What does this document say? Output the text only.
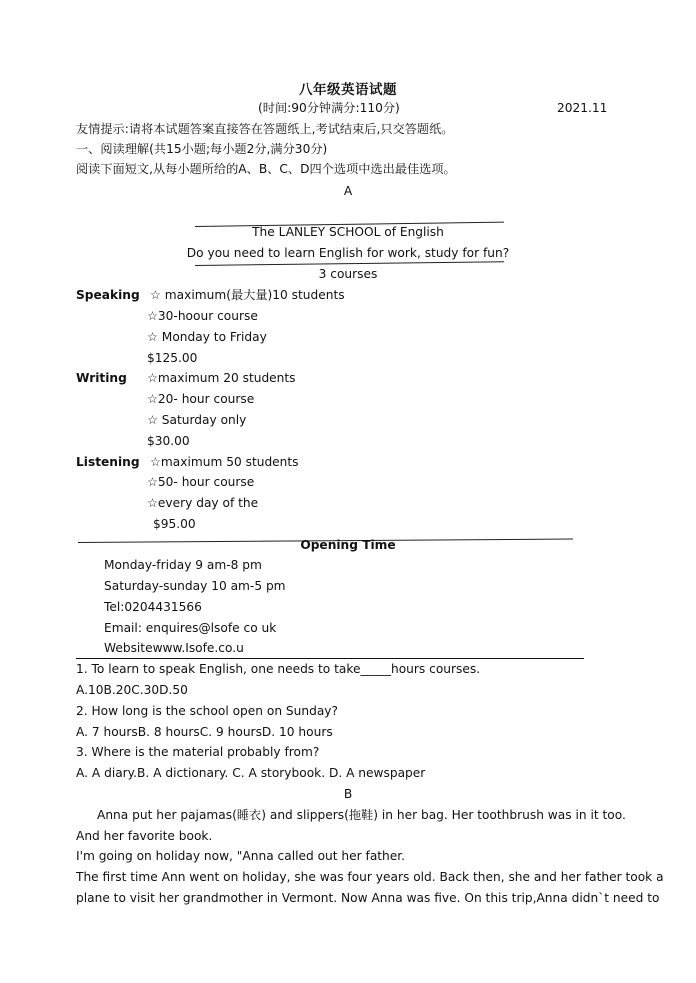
八年级英语试题
(时间:90分钟满分:110分)	2021.11
友情提示:请将本试题答案直接答在答题纸上,考试结束后,只交答题纸。
一、阅读理解(共15小题;每小题2分,满分30分)
阅读下面短文,从每小题所给的A、B、C、D四个选项中选出最佳选项。
A
The LANLEY SCHOOL of English
Do you need to learn English for work, study for fun?
3 courses
Speaking ☆ maximum(最大量)10 students
☆30-hoour course
☆ Monday to Friday
$125.00
Writing ☆maximum 20 students
☆20- hour course
☆ Saturday only
$30.00
Listening ☆maximum 50 students
☆50- hour course
☆every day of the
$95.00
Opening Time
Monday-friday 9 am-8 pm
Saturday-sunday 10 am-5 pm
Tel:0204431566
Email: enquires@lsofe co uk
Websitewww.Isofe.co.u
1. To learn to speak English, one needs to take_____hours courses.
A.10B.20C.30D.50
2. How long is the school open on Sunday?
A. 7 hoursB. 8 hoursC. 9 hoursD. 10 hours
3. Where is the material probably from?
A. A diary.B. A dictionary. C. A storybook. D. A newspaper
B
Anna put her pajamas(睡衣) and slippers(拖鞋) in her bag. Her toothbrush was in it too.
And her favorite book.
I'm going on holiday now, "Anna called out her father.
The first time Ann went on holiday, she was four years old. Back then, she and her father took a
plane to visit her grandmother in Vermont. Now Anna was five. On this trip,Anna didn`t need to
